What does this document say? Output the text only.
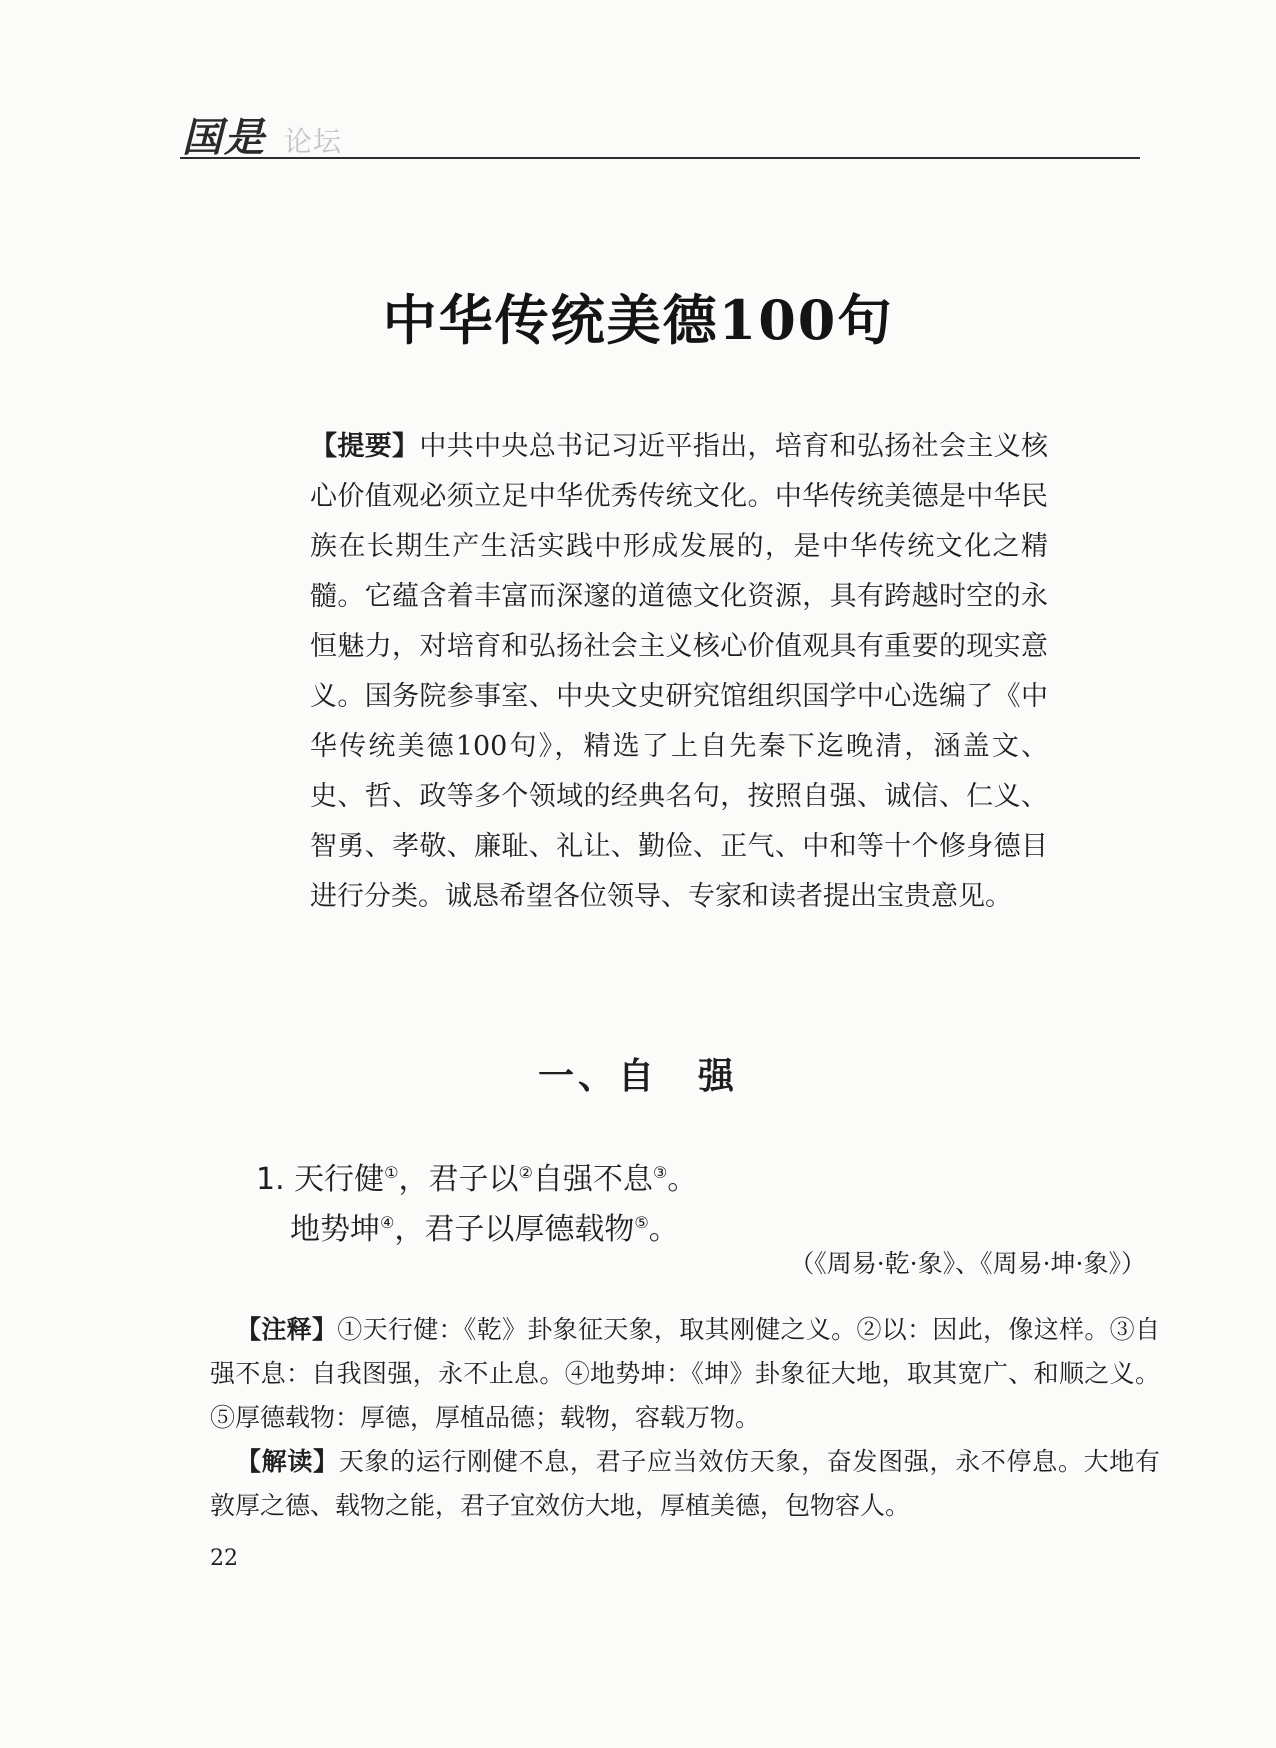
国是 论坛
中华传统美德100句
【提要】中共中央总书记习近平指出，培育和弘扬社会主义核心价值观必须立足中华优秀传统文化。中华传统美德是中华民族在长期生产生活实践中形成发展的，是中华传统文化之精髓。它蕴含着丰富而深邃的道德文化资源，具有跨越时空的永恒魅力，对培育和弘扬社会主义核心价值观具有重要的现实意义。国务院参事室、中央文史研究馆组织国学中心选编了《中华传统美德100句》，精选了上自先秦下迄晚清，涵盖文、史、哲、政等多个领域的经典名句，按照自强、诚信、仁义、智勇、孝敬、廉耻、礼让、勤俭、正气、中和等十个修身德目进行分类。诚恳希望各位领导、专家和读者提出宝贵意见。
一、自　强
1. 天行健①，君子以②自强不息③。
地势坤④，君子以厚德载物⑤。
（《周易·乾·象》、《周易·坤·象》）
【注释】①天行健：《乾》卦象征天象，取其刚健之义。②以：因此，像这样。③自强不息：自我图强，永不止息。④地势坤：《坤》卦象征大地，取其宽广、和顺之义。⑤厚德载物：厚德，厚植品德；载物，容载万物。
【解读】天象的运行刚健不息，君子应当效仿天象，奋发图强，永不停息。大地有敦厚之德、载物之能，君子宜效仿大地，厚植美德，包物容人。
22
